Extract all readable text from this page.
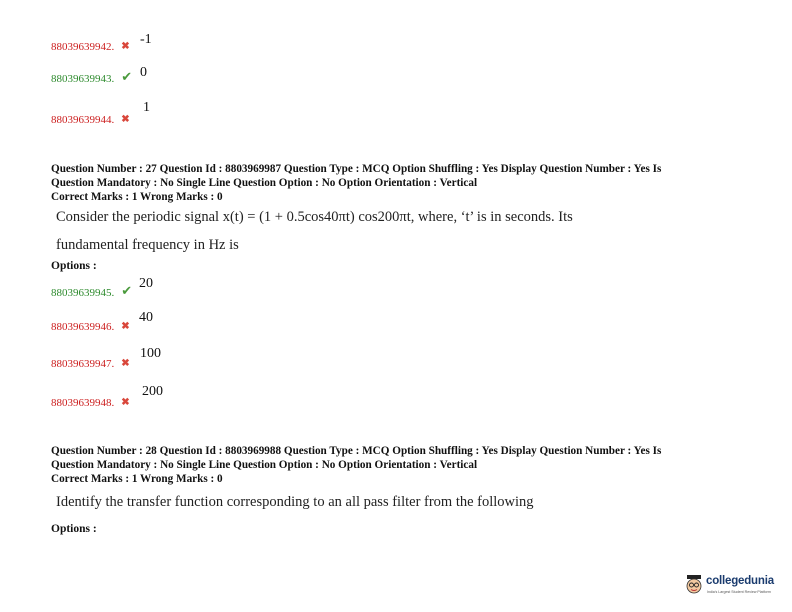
88039639942. ✖ -1
88039639943. ✔ 0
88039639944. ✖
1
Question Number : 27 Question Id : 8803969987 Question Type : MCQ Option Shuffling : Yes Display Question Number : Yes Is
Question Mandatory : No Single Line Question Option : No Option Orientation : Vertical
Correct Marks : 1 Wrong Marks : 0
Consider the periodic signal x(t) = (1 + 0.5cos40πt) cos200πt, where, ‘t’ is in seconds. Its
fundamental frequency in Hz is
Options :
88039639945. ✔ 20
88039639946. ✖
40
88039639947. ✖
100
88039639948. ✖
200
Question Number : 28 Question Id : 8803969988 Question Type : MCQ Option Shuffling : Yes Display Question Number : Yes Is
Question Mandatory : No Single Line Question Option : No Option Orientation : Vertical
Correct Marks : 1 Wrong Marks : 0
Identify the transfer function corresponding to an all pass filter from the following
Options :
collegedunia
India's Largest Student Review Platform
